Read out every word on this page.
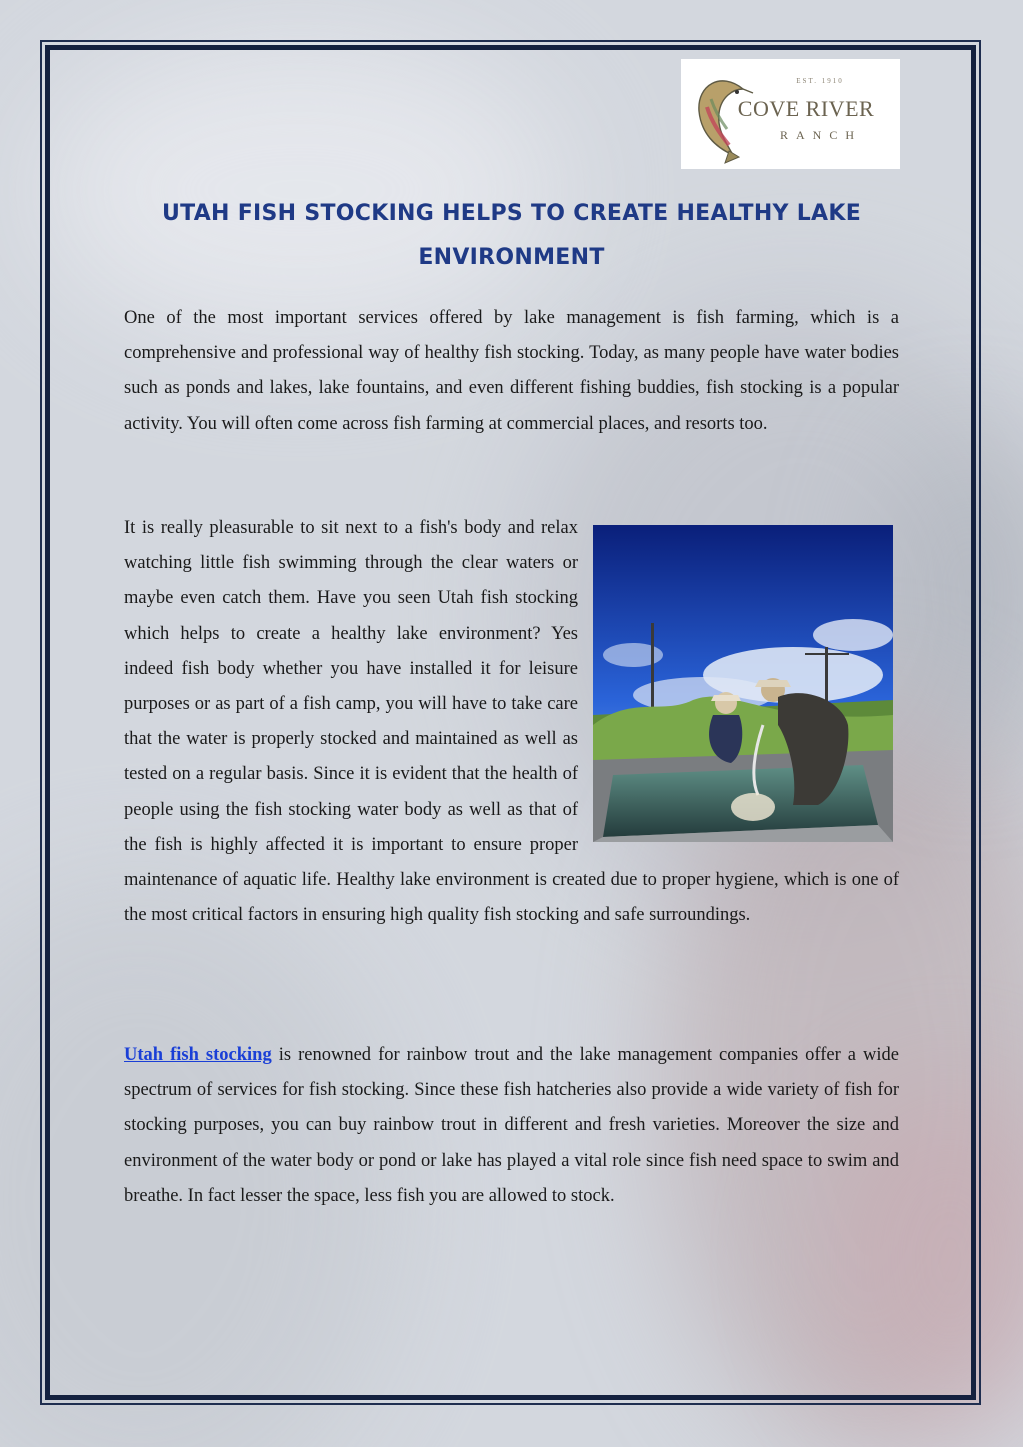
EST. 1910
COVE RIVER
RANCH
UTAH FISH STOCKING HELPS TO CREATE HEALTHY LAKE ENVIRONMENT

One of the most important services offered by lake management is fish farming, which is a comprehensive and professional way of healthy fish stocking. Today, as many people have water bodies such as ponds and lakes, lake fountains, and even different fishing buddies, fish stocking is a popular activity. You will often come across fish farming at commercial places, and resorts too.

It is really pleasurable to sit next to a fish's body and relax watching little fish swimming through the clear waters or maybe even catch them. Have you seen Utah fish stocking which helps to create a healthy lake environment? Yes indeed fish body whether you have installed it for leisure purposes or as part of a fish camp, you will have to take care that the water is properly stocked and maintained as well as tested on a regular basis. Since it is evident that the health of people using the fish stocking water body as well as that of the fish is highly affected it is important to ensure proper maintenance of aquatic life. Healthy lake environment is created due to proper hygiene, which is one of the most critical factors in ensuring high quality fish stocking and safe surroundings.

Utah fish stocking is renowned for rainbow trout and the lake management companies offer a wide spectrum of services for fish stocking. Since these fish hatcheries also provide a wide variety of fish for stocking purposes, you can buy rainbow trout in different and fresh varieties. Moreover the size and environment of the water body or pond or lake has played a vital role since fish need space to swim and breathe. In fact lesser the space, less fish you are allowed to stock.
